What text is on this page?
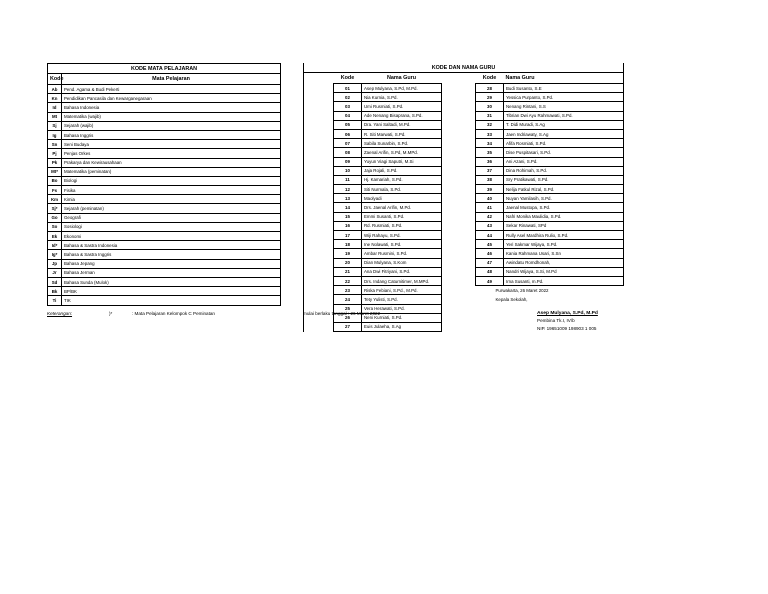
KODE MATA PELAJARAN	
Kode	Mata Pelajaran
Ab	Pend. Agama & Budi Pekerti
Kn	Pendidikan Pancasila dan Kewarganegaraan
Id	Bahasa Indonesia
Mt	Matematika (wajib)
Sj	Sejarah (wajib)
Ig	Bahasa Inggris
Sn	Seni Budaya
Pj	Penjas Orkes
Pk	Prakarya dan Kewirausahaan
Mt*	Matematika (peminatan)
Bo	Biologi
Fs	Fisika
Km	Kimia
Sj*	Sejarah (peminatan)
Go	Geografi
So	Sosiologi
Ek	Ekonomi
Id*	Bahasa & Sastra Indonesia
Ig*	Bahasa & Sastra Inggris
Jp	Bahasa Jepang
Jr	Bahasa Jerman
Sd	Bahasa Sunda (Mulok)
Bk	BP/BK
Ti	TIK
KODE DAN NAMA GURU					
	Kode	Nama Guru		Kode	Nama Guru
	01	Asep Mulyana, S.Pd, M.Pd.		28	Budi Susanto, S.E
	02	Nia Kurnia, S.Pd.		29	Yessica Purpanto, S.Pd.
	03	Umi Rusmiati, S.Pd.		30	Nenang Rintani, S.S
	04	Ade Nenang Bisaprana, S.Pd.		31	Tibrian Dwi Ayu Rahmawati, S.Pd.
	05	Dra. Yani Saltadi, M.Pd.		32	T. Didi Muradi, S.Ag
	06	R. Siti Marwati, S.Pd.		33	Jaen Indriawaty, S.Ag
	07	Sabila Sunarbin, S.Pd.		34	Afifa Rosmiati, S.Pd.
	08	Zaenal Arifin, S.Pd, M.MPd.		35	Dise Puspitasari, S.Pd.
	09	Yuyun Viagi Saputri, M.Si		36	Ani Azani, S.Pd.
	10	Jaja Rojali, S.Pd.		37	Dina Rohimah, S.Pd.
	11	Hj. Kamariah, S.Pd.		38	Sry Pratikawati, S.Pd.
	12	Siti Nurmala, S.Pd.		39	Nelija Fatkul Rizal, S.Pd.
	13	Maolyadi		40	Nuyan Yamilasih, S.Pd.
	14	Drs. Jaenal Arifin, M.Pd.		41	Jaenal Mustopa, S.Pd.
	15	Emmi Susanti, S.Pd.		42	Nafri Monika Maulidia, S.Pd.
	16	Rd. Rusmiati, S.Pd.		43	Sekar Rinawati, SPd
	17	Wiji Rahayu, S.Pd.		44	Rully Asel Mardhira Rulio, S.Pd.
	18	Ine Nolawati, S.Pd.		45	Yeri Sakmar Wijaya, S.Pd.
	19	Ambar Rusmini, S.Pd.		46	Kania Rahmana Usari, S.Sn
	20	Dian Mulyana, S.Kom		47	Awindatu Romdhonah,
	21	Ana Dwi Fitriyani, S.Pd.		48	Nandri Wijaya, S.Si, M.Pd
	22	Drs. Indang Caturnitimer, M.MPd.		49	Irna Susanti, m.Pd.
	23	Riska Febiani, S.Pd., M.Pd.		Purwakarta, 26 Maret 2022	
	24	Tety Yulisti, S.Pd.		Kepala Sekolah,	
	25	Vera Herawati, S.Pd.			
	26	Neni Kurniati, S.Pd.			
	27	Euis Julaeha, S.Ag			
Keterangan:	)*	: Mata Pelajaran Kelompok C Peminatan	mulai berlaku tanggal : 26 Maret 2022	Asep Mulyana, S.Pd, M.Pd
Pembina Tk.I, IV/b
NIP. 19651009 198903 1 005
